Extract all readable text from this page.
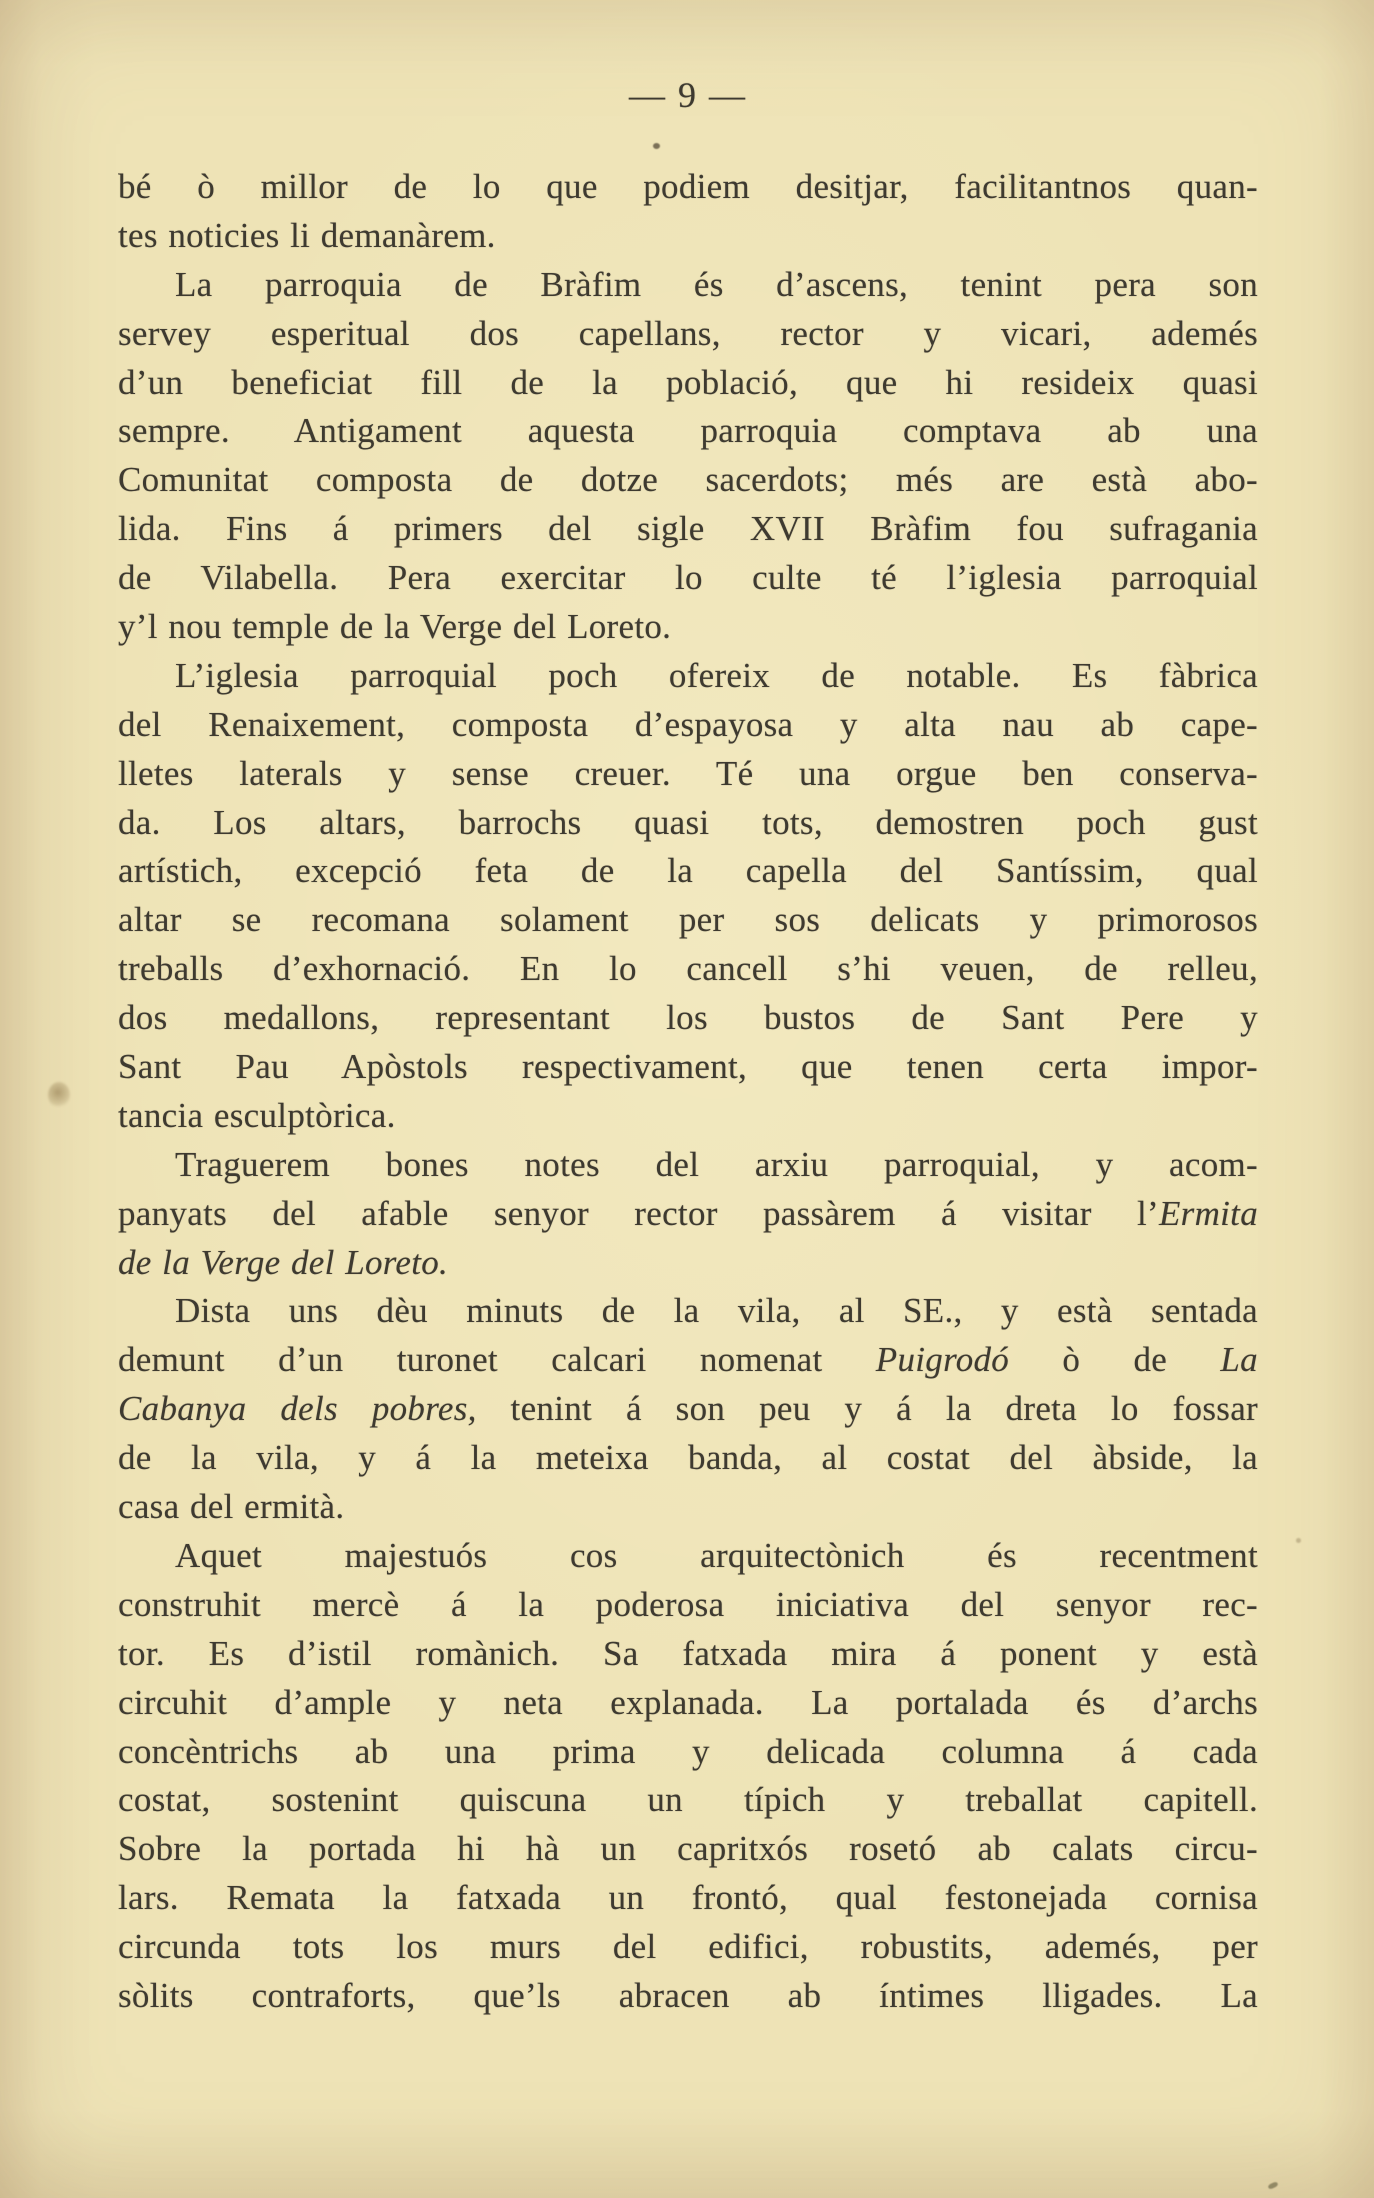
— 9 —
bé ò millor de lo que podiem desitjar, facilitantnos quan-
tes noticies li demanàrem.
La parroquia de Bràfim és d’ascens, tenint pera son
servey esperitual dos capellans, rector y vicari, ademés
d’un beneficiat fill de la població, que hi resideix quasi
sempre. Antigament aquesta parroquia comptava ab una
Comunitat composta de dotze sacerdots; més are està abo-
lida. Fins á primers del sigle XVII Bràfim fou sufragania
de Vilabella. Pera exercitar lo culte té l’iglesia parroquial
y’l nou temple de la Verge del Loreto.
L’iglesia parroquial poch ofereix de notable. Es fàbrica
del Renaixement, composta d’espayosa y alta nau ab cape-
lletes laterals y sense creuer. Té una orgue ben conserva-
da. Los altars, barrochs quasi tots, demostren poch gust
artístich, excepció feta de la capella del Santíssim, qual
altar se recomana solament per sos delicats y primorosos
treballs d’exhornació. En lo cancell s’hi veuen, de relleu,
dos medallons, representant los bustos de Sant Pere y
Sant Pau Apòstols respectivament, que tenen certa impor-
tancia esculptòrica.
Traguerem bones notes del arxiu parroquial, y acom-
panyats del afable senyor rector passàrem á visitar l’Ermita
de la Verge del Loreto.
Dista uns dèu minuts de la vila, al SE., y està sentada
demunt d’un turonet calcari nomenat Puigrodó ò de La
Cabanya dels pobres, tenint á son peu y á la dreta lo fossar
de la vila, y á la meteixa banda, al costat del àbside, la
casa del ermità.
Aquet majestuós cos arquitectònich és recentment
construhit mercè á la poderosa iniciativa del senyor rec-
tor. Es d’istil romànich. Sa fatxada mira á ponent y està
circuhit d’ample y neta explanada. La portalada és d’archs
concèntrichs ab una prima y delicada columna á cada
costat, sostenint quiscuna un típich y treballat capitell.
Sobre la portada hi hà un capritxós rosetó ab calats circu-
lars. Remata la fatxada un frontó, qual festonejada cornisa
circunda tots los murs del edifici, robustits, ademés, per
sòlits contraforts, que’ls abracen ab íntimes lligades. La
